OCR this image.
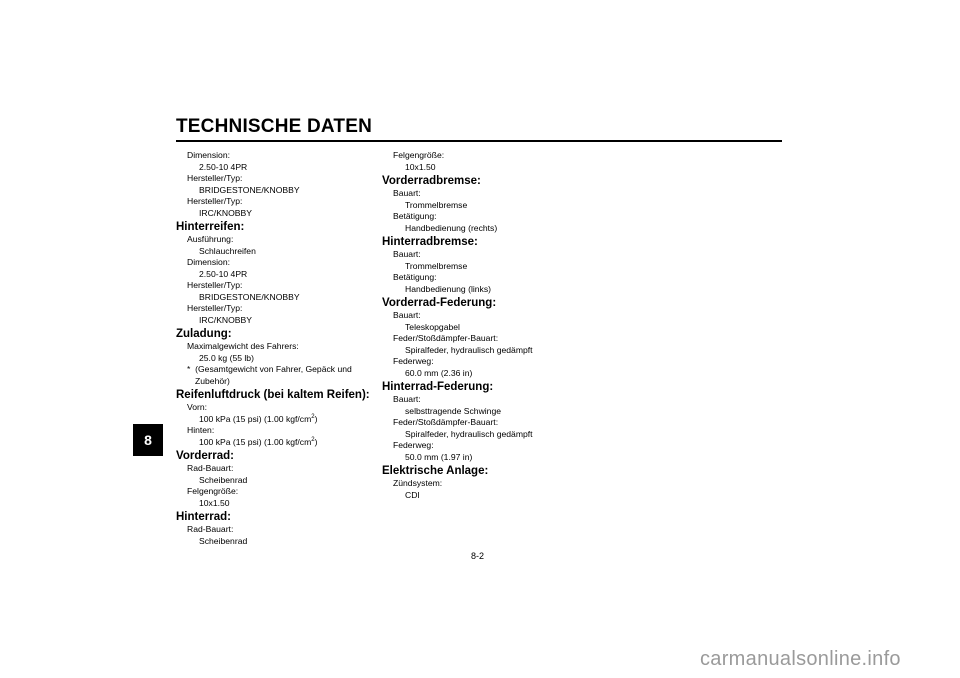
TECHNISCHE DATEN
8
Dimension:
2.50-10 4PR
Hersteller/Typ:
BRIDGESTONE/KNOBBY
Hersteller/Typ:
IRC/KNOBBY
Hinterreifen:
Ausführung:
Schlauchreifen
Dimension:
2.50-10 4PR
Hersteller/Typ:
BRIDGESTONE/KNOBBY
Hersteller/Typ:
IRC/KNOBBY
Zuladung:
Maximalgewicht des Fahrers:
25.0 kg (55 lb)
* (Gesamtgewicht von Fahrer, Gepäck und
Zubehör)
Reifenluftdruck (bei kaltem Reifen):
Vorn:
100 kPa (15 psi) (1.00 kgf/$cm^2$)
Hinten:
100 kPa (15 psi) (1.00 kgf/$cm^2$)
Vorderrad:
Rad-Bauart:
Scheibenrad
Felgengröße:
10x1.50
Hinterrad:
Rad-Bauart:
Scheibenrad
Felgengröße:
10x1.50
Vorderradbremse:
Bauart:
Trommelbremse
Betätigung:
Handbedienung (rechts)
Hinterradbremse:
Bauart:
Trommelbremse
Betätigung:
Handbedienung (links)
Vorderrad-Federung:
Bauart:
Teleskopgabel
Feder/Stoßdämpfer-Bauart:
Spiralfeder, hydraulisch gedämpft
Federweg:
60.0 mm (2.36 in)
Hinterrad-Federung:
Bauart:
selbsttragende Schwinge
Feder/Stoßdämpfer-Bauart:
Spiralfeder, hydraulisch gedämpft
Federweg:
50.0 mm (1.97 in)
Elektrische Anlage:
Zündsystem:
CDI
8-2
carmanualsonline.info
